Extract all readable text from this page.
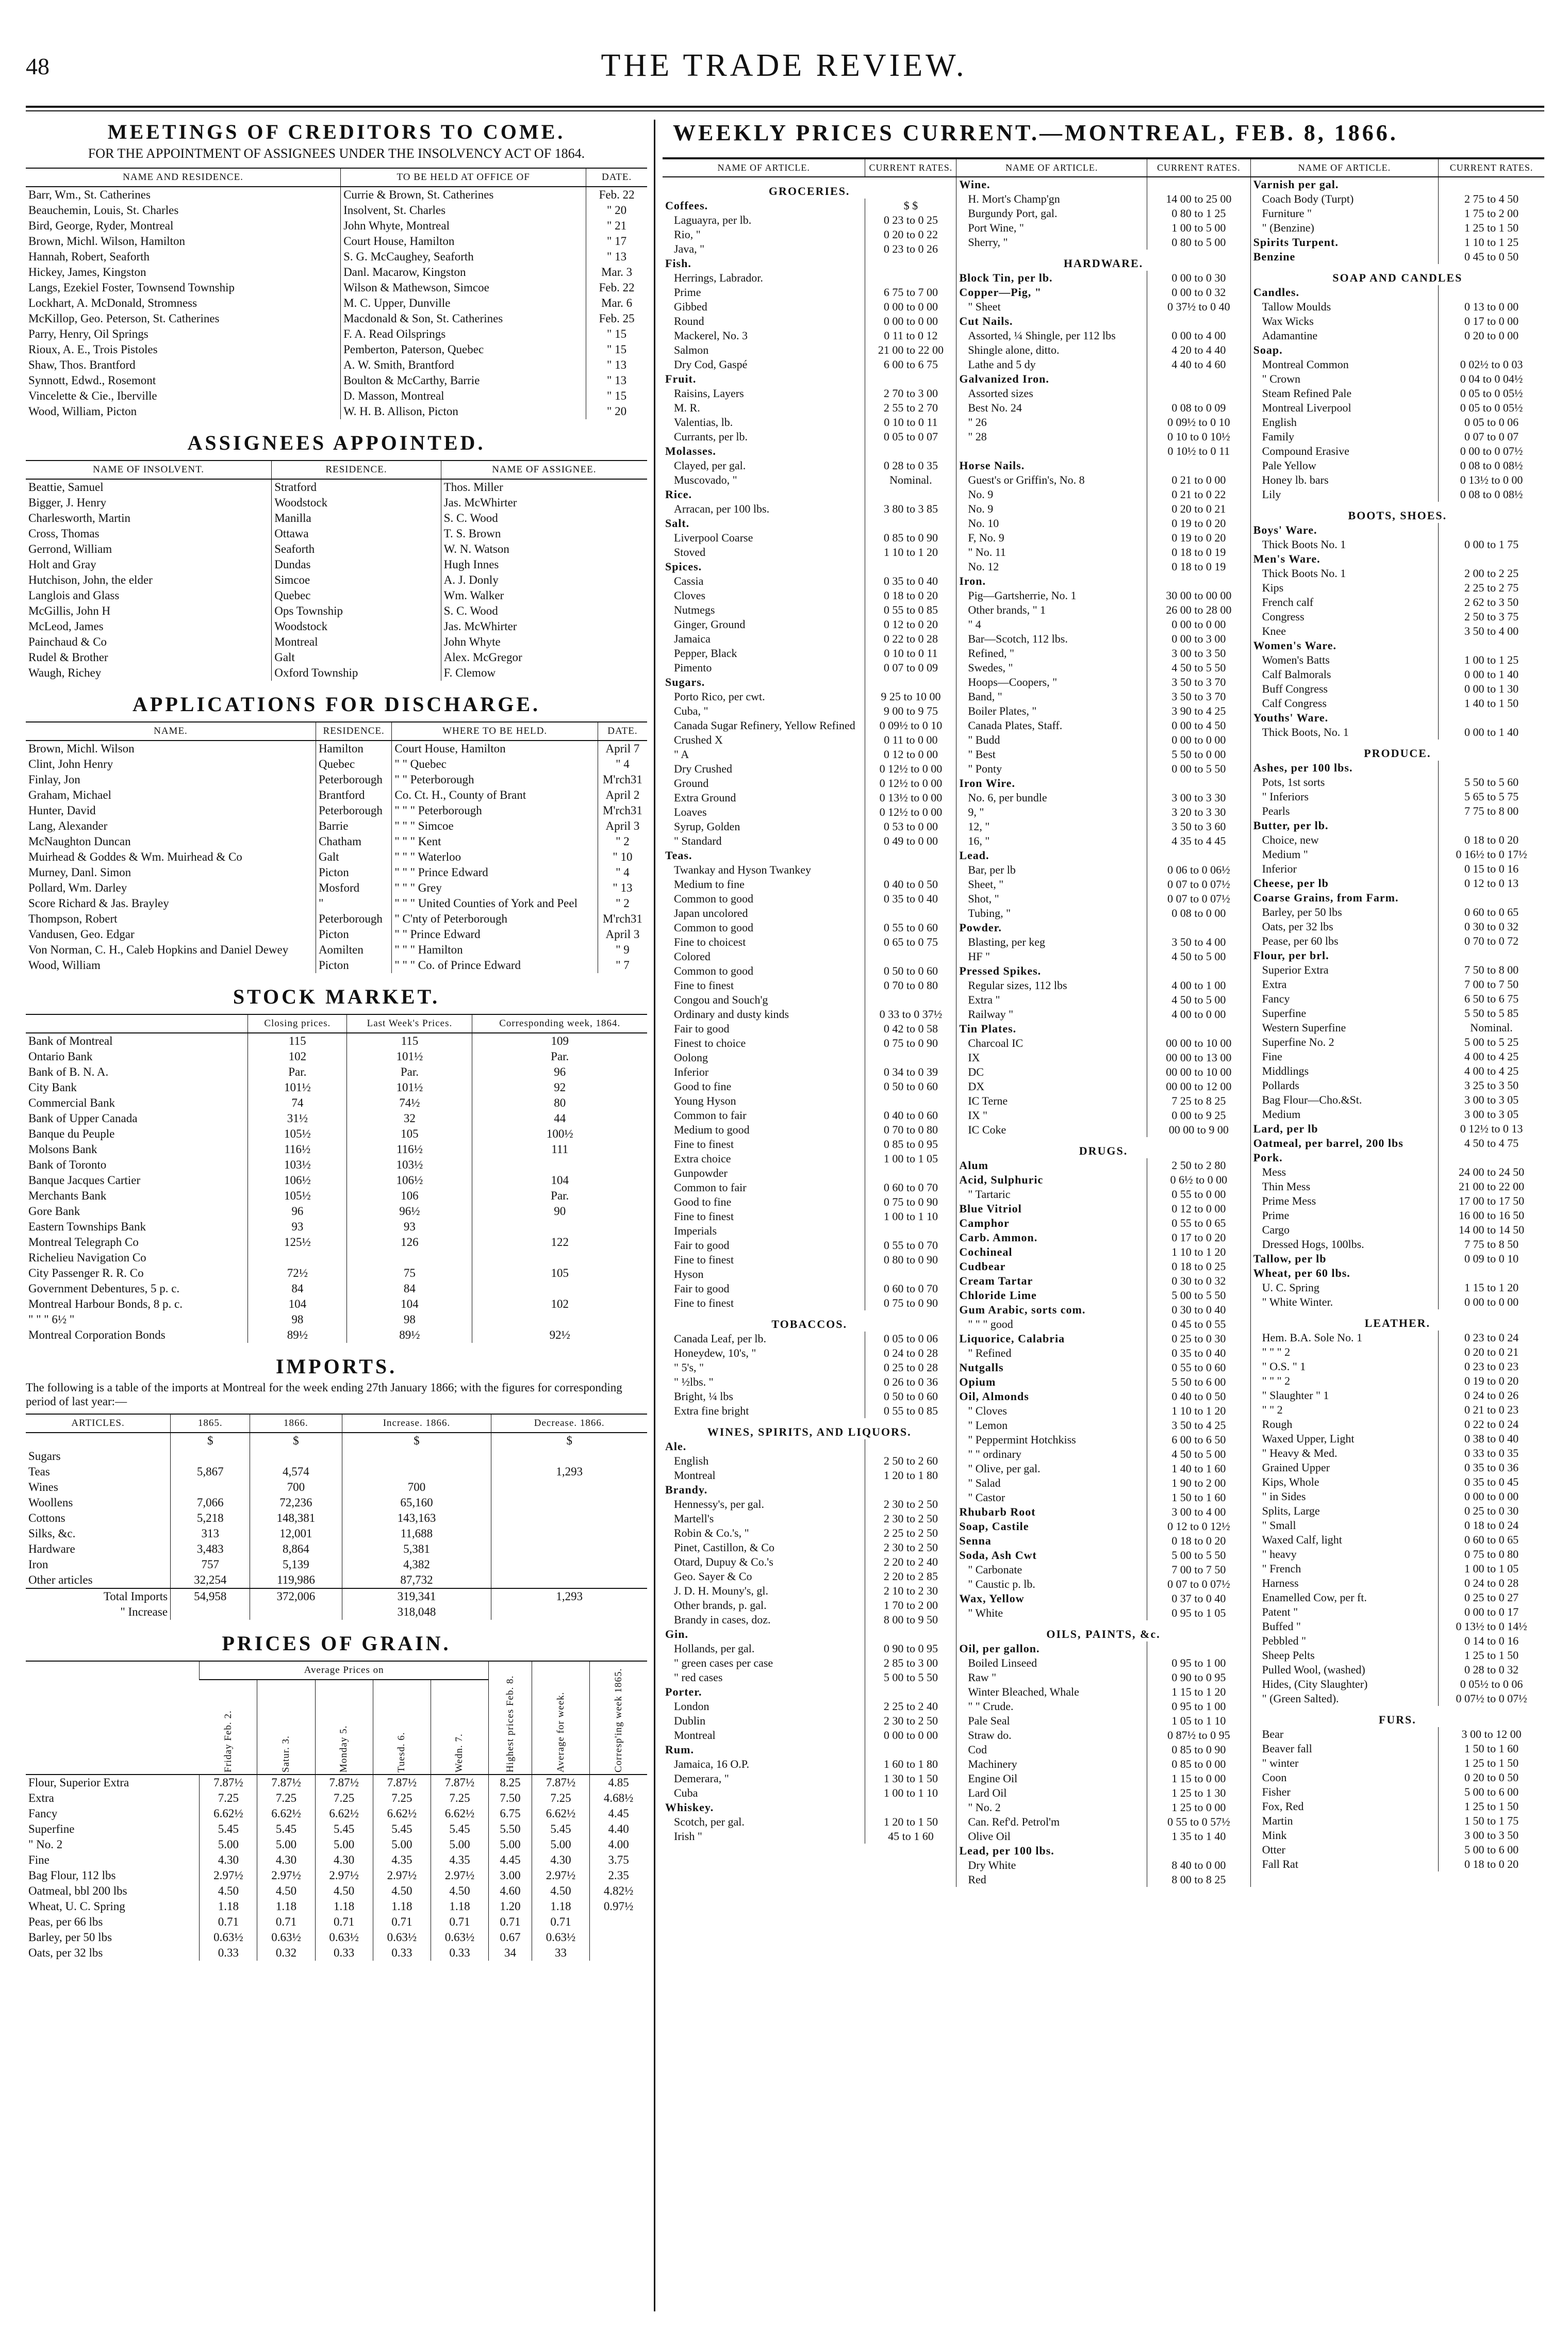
48	THE TRADE REVIEW.
MEETINGS OF CREDITORS TO COME.
FOR THE APPOINTMENT OF ASSIGNEES UNDER THE INSOLVENCY ACT OF 1864.
NAME AND RESIDENCE.	TO BE HELD AT OFFICE OF	DATE.
Barr, Wm., St. Catherines	Currie & Brown, St. Catherines	Feb. 22
Beauchemin, Louis, St. Charles	Insolvent, St. Charles	" 20
Bird, George, Ryder, Montreal	John Whyte, Montreal	" 21
Brown, Michl. Wilson, Hamilton	Court House, Hamilton	" 17
Hannah, Robert, Seaforth	S. G. McCaughey, Seaforth	" 13
Hickey, James, Kingston	Danl. Macarow, Kingston	Mar. 3
Langs, Ezekiel Foster, Townsend Township	Wilson & Mathewson, Simcoe	Feb. 22
Lockhart, A. McDonald, Stromness	M. C. Upper, Dunville	Mar. 6
McKillop, Geo. Peterson, St. Catherines	Macdonald & Son, St. Catherines	Feb. 25
Parry, Henry, Oil Springs	F. A. Read Oilsprings	" 15
Rioux, A. E., Trois Pistoles	Pemberton, Paterson, Quebec	" 15
Shaw, Thos. Brantford	A. W. Smith, Brantford	" 13
Synnott, Edwd., Rosemont	Boulton & McCarthy, Barrie	" 13
Vincelette & Cie., Iberville	D. Masson, Montreal	" 15
Wood, William, Picton	W. H. B. Allison, Picton	" 20
ASSIGNEES APPOINTED.
NAME OF INSOLVENT.	RESIDENCE.	NAME OF ASSIGNEE.
Beattie, Samuel	Stratford	Thos. Miller
Bigger, J. Henry	Woodstock	Jas. McWhirter
Charlesworth, Martin	Manilla	S. C. Wood
Cross, Thomas	Ottawa	T. S. Brown
Gerrond, William	Seaforth	W. N. Watson
Holt and Gray	Dundas	Hugh Innes
Hutchison, John, the elder	Simcoe	A. J. Donly
Langlois and Glass	Quebec	Wm. Walker
McGillis, John H	Ops Township	S. C. Wood
McLeod, James	Woodstock	Jas. McWhirter
Painchaud & Co	Montreal	John Whyte
Rudel & Brother	Galt	Alex. McGregor
Waugh, Richey	Oxford Township	F. Clemow
APPLICATIONS FOR DISCHARGE.
NAME.	RESIDENCE.	WHERE TO BE HELD.	DATE.
Brown, Michl. Wilson	Hamilton	Court House, Hamilton	April 7
Clint, John Henry	Quebec	" " Quebec	" 4
Finlay, Jon	Peterborough	" " Peterborough	M'rch31
Graham, Michael	Brantford	Co. Ct. H., County of Brant	April 2
Hunter, David	Peterborough	" " " Peterborough	M'rch31
Lang, Alexander	Barrie	" " " Simcoe	April 3
McNaughton Duncan	Chatham	" " " Kent	" 2
Muirhead & Goddes & Wm. Muirhead & Co	Galt	" " " Waterloo	" 10
Murney, Danl. Simon	Picton	" " " Prince Edward	" 4
Pollard, Wm. Darley	Mosford	" " " Grey	" 13
Score Richard & Jas. Brayley	"	" " " United Counties of York and Peel	" 2
Thompson, Robert	Peterborough	" C'nty of Peterborough	M'rch31
Vandusen, Geo. Edgar	Picton	" " Prince Edward	April 3
Von Norman, C. H., Caleb Hopkins and Daniel Dewey	Aomilten	" " " Hamilton	" 9
Wood, William	Picton	" " " Co. of Prince Edward	" 7
STOCK MARKET.
	Closing prices.	Last Week's Prices.	Corresponding week, 1864.
Bank of Montreal	115	115	109
Ontario Bank	102	101½	Par.
Bank of B. N. A.	Par.	Par.	96
City Bank	101½	101½	92
Commercial Bank	74	74½	80
Bank of Upper Canada	31½	32	44
Banque du Peuple	105½	105	100½
Molsons Bank	116½	116½	111
Bank of Toronto	103½	103½	
Banque Jacques Cartier	106½	106½	104
Merchants Bank	105½	106	Par.
Gore Bank	96	96½	90
Eastern Townships Bank	93	93	
Montreal Telegraph Co	125½	126	122
Richelieu Navigation Co			
City Passenger R. R. Co	72½	75	105
Government Debentures, 5 p. c.	84	84	
Montreal Harbour Bonds, 8 p. c.	104	104	102
" " " 6½ "	98	98	
Montreal Corporation Bonds	89½	89½	92½
IMPORTS.
The following is a table of the imports at Montreal for the week ending 27th January 1866; with the figures for corresponding period of last year:—
ARTICLES.	1865.	1866.	Increase. 1866.	Decrease. 1866.
	$	$	$	$
Sugars				
Teas	5,867	4,574		1,293
Wines		700	700	
Woollens	7,066	72,236	65,160	
Cottons	5,218	148,381	143,163	
Silks, &c.	313	12,001	11,688	
Hardware	3,483	8,864	5,381	
Iron	757	5,139	4,382	
Other articles	32,254	119,986	87,732	
Total Imports	54,958	372,006	319,341	1,293
" Increase			318,048	
PRICES OF GRAIN.
	Average Prices on					Highest prices Feb. 8.	Average for week.	Corresp'ing week 1865.
	Friday Feb. 2.	Satur. 3.	Monday 5.	Tuesd. 6.	Wedn. 7.			
Flour, Superior Extra	7.87½	7.87½	7.87½	7.87½	7.87½	8.25	7.87½	4.85
Extra	7.25	7.25	7.25	7.25	7.25	7.50	7.25	4.68½
Fancy	6.62½	6.62½	6.62½	6.62½	6.62½	6.75	6.62½	4.45
Superfine	5.45	5.45	5.45	5.45	5.45	5.50	5.45	4.40
" No. 2	5.00	5.00	5.00	5.00	5.00	5.00	5.00	4.00
Fine	4.30	4.30	4.30	4.35	4.35	4.45	4.30	3.75
Bag Flour, 112 lbs	2.97½	2.97½	2.97½	2.97½	2.97½	3.00	2.97½	2.35
Oatmeal, bbl 200 lbs	4.50	4.50	4.50	4.50	4.50	4.60	4.50	4.82½
Wheat, U. C. Spring	1.18	1.18	1.18	1.18	1.18	1.20	1.18	0.97½
Peas, per 66 lbs	0.71	0.71	0.71	0.71	0.71	0.71	0.71	
Barley, per 50 lbs	0.63½	0.63½	0.63½	0.63½	0.63½	0.67	0.63½	
Oats, per 32 lbs	0.33	0.32	0.33	0.33	0.33	34	33	
WEEKLY PRICES CURRENT.—MONTREAL, FEB. 8, 1866.
NAME OF ARTICLE.	CURRENT RATES.
GROCERIES.	
Coffees.	$ $
Laguayra, per lb.	0 23 to 0 25
Rio, "	0 20 to 0 22
Java, "	0 23 to 0 26
Fish.	
Herrings, Labrador.	
Prime	6 75 to 7 00
Gibbed	0 00 to 0 00
Round	0 00 to 0 00
Mackerel, No. 3	0 11 to 0 12
Salmon	21 00 to 22 00
Dry Cod, Gaspé	6 00 to 6 75
Fruit.	
Raisins, Layers	2 70 to 3 00
M. R.	2 55 to 2 70
Valentias, lb.	0 10 to 0 11
Currants, per lb.	0 05 to 0 07
Molasses.	
Clayed, per gal.	0 28 to 0 35
Muscovado, "	Nominal.
Rice.	
Arracan, per 100 lbs.	3 80 to 3 85
Salt.	
Liverpool Coarse	0 85 to 0 90
Stoved	1 10 to 1 20
Spices.	
Cassia	0 35 to 0 40
Cloves	0 18 to 0 20
Nutmegs	0 55 to 0 85
Ginger, Ground	0 12 to 0 20
Jamaica	0 22 to 0 28
Pepper, Black	0 10 to 0 11
Pimento	0 07 to 0 09
Sugars.	
Porto Rico, per cwt.	9 25 to 10 00
Cuba, "	9 00 to 9 75
Canada Sugar Refinery, Yellow Refined	0 09½ to 0 10
Crushed X	0 11 to 0 00
" A	0 12 to 0 00
Dry Crushed	0 12½ to 0 00
Ground	0 12½ to 0 00
Extra Ground	0 13½ to 0 00
Loaves	0 12½ to 0 00
Syrup, Golden	0 53 to 0 00
" Standard	0 49 to 0 00
Teas.	
Twankay and Hyson Twankey	
Medium to fine	0 40 to 0 50
Common to good	0 35 to 0 40
Japan uncolored	
Common to good	0 55 to 0 60
Fine to choicest	0 65 to 0 75
Colored	
Common to good	0 50 to 0 60
Fine to finest	0 70 to 0 80
Congou and Souch'g	
Ordinary and dusty kinds	0 33 to 0 37½
Fair to good	0 42 to 0 58
Finest to choice	0 75 to 0 90
Oolong	
Inferior	0 34 to 0 39
Good to fine	0 50 to 0 60
Young Hyson	
Common to fair	0 40 to 0 60
Medium to good	0 70 to 0 80
Fine to finest	0 85 to 0 95
Extra choice	1 00 to 1 05
Gunpowder	
Common to fair	0 60 to 0 70
Good to fine	0 75 to 0 90
Fine to finest	1 00 to 1 10
Imperials	
Fair to good	0 55 to 0 70
Fine to finest	0 80 to 0 90
Hyson	
Fair to good	0 60 to 0 70
Fine to finest	0 75 to 0 90
TOBACCOS.	
Canada Leaf, per lb.	0 05 to 0 06
Honeydew, 10's, "	0 24 to 0 28
" 5's, "	0 25 to 0 28
" ½lbs. "	0 26 to 0 36
Bright, ¼ lbs	0 50 to 0 60
Extra fine bright	0 55 to 0 85
WINES, SPIRITS, AND LIQUORS.	
Ale.	
English	2 50 to 2 60
Montreal	1 20 to 1 80
Brandy.	
Hennessy's, per gal.	2 30 to 2 50
Martell's	2 30 to 2 50
Robin & Co.'s, "	2 25 to 2 50
Pinet, Castillon, & Co	2 30 to 2 50
Otard, Dupuy & Co.'s	2 20 to 2 40
Geo. Sayer & Co	2 20 to 2 85
J. D. H. Mouny's, gl.	2 10 to 2 30
Other brands, p. gal.	1 70 to 2 00
Brandy in cases, doz.	8 00 to 9 50
Gin.	
Hollands, per gal.	0 90 to 0 95
" green cases per case	2 85 to 3 00
" red cases	5 00 to 5 50
Porter.	
London	2 25 to 2 40
Dublin	2 30 to 2 50
Montreal	0 00 to 0 00
Rum.	
Jamaica, 16 O.P.	1 60 to 1 80
Demerara, "	1 30 to 1 50
Cuba	1 00 to 1 10
Whiskey.	
Scotch, per gal.	1 20 to 1 50
Irish "	45 to 1 60
NAME OF ARTICLE.	CURRENT RATES.
Wine.	
H. Mort's Champ'gn	14 00 to 25 00
Burgundy Port, gal.	0 80 to 1 25
Port Wine, "	1 00 to 5 00
Sherry, "	0 80 to 5 00
HARDWARE.	
Block Tin, per lb.	0 00 to 0 30
Copper—Pig, "	0 00 to 0 32
" Sheet	0 37½ to 0 40
Cut Nails.	
Assorted, ¼ Shingle, per 112 lbs	0 00 to 4 00
Shingle alone, ditto.	4 20 to 4 40
Lathe and 5 dy	4 40 to 4 60
Galvanized Iron.	
Assorted sizes	
Best No. 24	0 08 to 0 09
" 26	0 09½ to 0 10
" 28	0 10 to 0 10½
	0 10½ to 0 11
Horse Nails.	
Guest's or Griffin's, No. 8	0 21 to 0 00
No. 9	0 21 to 0 22
No. 9	0 20 to 0 21
No. 10	0 19 to 0 20
F, No. 9	0 19 to 0 20
" No. 11	0 18 to 0 19
No. 12	0 18 to 0 19
Iron.	
Pig—Gartsherrie, No. 1	30 00 to 00 00
Other brands, " 1	26 00 to 28 00
" 4	0 00 to 0 00
Bar—Scotch, 112 lbs.	0 00 to 3 00
Refined, "	3 00 to 3 50
Swedes, "	4 50 to 5 50
Hoops—Coopers, "	3 50 to 3 70
Band, "	3 50 to 3 70
Boiler Plates, "	3 90 to 4 25
Canada Plates, Staff.	0 00 to 4 50
" Budd	0 00 to 0 00
" Best	5 50 to 0 00
" Ponty	0 00 to 5 50
Iron Wire.	
No. 6, per bundle	3 00 to 3 30
9, "	3 20 to 3 30
12, "	3 50 to 3 60
16, "	4 35 to 4 45
Lead.	
Bar, per lb	0 06 to 0 06½
Sheet, "	0 07 to 0 07½
Shot, "	0 07 to 0 07½
Tubing, "	0 08 to 0 00
Powder.	
Blasting, per keg	3 50 to 4 00
HF "	4 50 to 5 00
Pressed Spikes.	
Regular sizes, 112 lbs	4 00 to 1 00
Extra "	4 50 to 5 00
Railway "	4 00 to 0 00
Tin Plates.	
Charcoal IC	00 00 to 10 00
IX	00 00 to 13 00
DC	00 00 to 10 00
DX	00 00 to 12 00
IC Terne	7 25 to 8 25
IX "	0 00 to 9 25
IC Coke	00 00 to 9 00
DRUGS.	
Alum	2 50 to 2 80
Acid, Sulphuric	0 6½ to 0 00
" Tartaric	0 55 to 0 00
Blue Vitriol	0 12 to 0 00
Camphor	0 55 to 0 65
Carb. Ammon.	0 17 to 0 20
Cochineal	1 10 to 1 20
Cudbear	0 18 to 0 25
Cream Tartar	0 30 to 0 32
Chloride Lime	5 00 to 5 50
Gum Arabic, sorts com.	0 30 to 0 40
" " " good	0 45 to 0 55
Liquorice, Calabria	0 25 to 0 30
" Refined	0 35 to 0 40
Nutgalls	0 55 to 0 60
Opium	5 50 to 6 00
Oil, Almonds	0 40 to 0 50
" Cloves	1 10 to 1 20
" Lemon	3 50 to 4 25
" Peppermint Hotchkiss	6 00 to 6 50
" " ordinary	4 50 to 5 00
" Olive, per gal.	1 40 to 1 60
" Salad	1 90 to 2 00
" Castor	1 50 to 1 60
Rhubarb Root	3 00 to 4 00
Soap, Castile	0 12 to 0 12½
Senna	0 18 to 0 20
Soda, Ash Cwt	5 00 to 5 50
" Carbonate	7 00 to 7 50
" Caustic p. lb.	0 07 to 0 07½
Wax, Yellow	0 37 to 0 40
" White	0 95 to 1 05
OILS, PAINTS, &c.	
Oil, per gallon.	
Boiled Linseed	0 95 to 1 00
Raw "	0 90 to 0 95
Winter Bleached, Whale	1 15 to 1 20
" " Crude.	0 95 to 1 00
Pale Seal	1 05 to 1 10
Straw do.	0 87½ to 0 95
Cod	0 85 to 0 90
Machinery	0 85 to 0 00
Engine Oil	1 15 to 0 00
Lard Oil	1 25 to 1 30
" No. 2	1 25 to 0 00
Can. Ref'd. Petrol'm	0 55 to 0 57½
Olive Oil	1 35 to 1 40
Lead, per 100 lbs.	
Dry White	8 40 to 0 00
Red	8 00 to 8 25
NAME OF ARTICLE.	CURRENT RATES.
Varnish per gal.	
Coach Body (Turpt)	2 75 to 4 50
Furniture "	1 75 to 2 00
" (Benzine)	1 25 to 1 50
Spirits Turpent.	1 10 to 1 25
Benzine	0 45 to 0 50
SOAP AND CANDLES	
Candles.	
Tallow Moulds	0 13 to 0 00
Wax Wicks	0 17 to 0 00
Adamantine	0 20 to 0 00
Soap.	
Montreal Common	0 02½ to 0 03
" Crown	0 04 to 0 04½
Steam Refined Pale	0 05 to 0 05½
Montreal Liverpool	0 05 to 0 05½
English	0 05 to 0 06
Family	0 07 to 0 07
Compound Erasive	0 00 to 0 07½
Pale Yellow	0 08 to 0 08½
Honey lb. bars	0 13½ to 0 00
Lily	0 08 to 0 08½
BOOTS, SHOES.	
Boys' Ware.	
Thick Boots No. 1	0 00 to 1 75
Men's Ware.	
Thick Boots No. 1	2 00 to 2 25
Kips	2 25 to 2 75
French calf	2 62 to 3 50
Congress	2 50 to 3 75
Knee	3 50 to 4 00
Women's Ware.	
Women's Batts	1 00 to 1 25
Calf Balmorals	0 00 to 1 40
Buff Congress	0 00 to 1 30
Calf Congress	1 40 to 1 50
Youths' Ware.	
Thick Boots, No. 1	0 00 to 1 40
PRODUCE.	
Ashes, per 100 lbs.	
Pots, 1st sorts	5 50 to 5 60
" Inferiors	5 65 to 5 75
Pearls	7 75 to 8 00
Butter, per lb.	
Choice, new	0 18 to 0 20
Medium "	0 16½ to 0 17½
Inferior	0 15 to 0 16
Cheese, per lb	0 12 to 0 13
Coarse Grains, from Farm.	
Barley, per 50 lbs	0 60 to 0 65
Oats, per 32 lbs	0 30 to 0 32
Pease, per 60 lbs	0 70 to 0 72
Flour, per brl.	
Superior Extra	7 50 to 8 00
Extra	7 00 to 7 50
Fancy	6 50 to 6 75
Superfine	5 50 to 5 85
Western Superfine	Nominal.
Superfine No. 2	5 00 to 5 25
Fine	4 00 to 4 25
Middlings	4 00 to 4 25
Pollards	3 25 to 3 50
Bag Flour—Cho.&St.	3 00 to 3 05
Medium	3 00 to 3 05
Lard, per lb	0 12½ to 0 13
Oatmeal, per barrel, 200 lbs	4 50 to 4 75
Pork.	
Mess	24 00 to 24 50
Thin Mess	21 00 to 22 00
Prime Mess	17 00 to 17 50
Prime	16 00 to 16 50
Cargo	14 00 to 14 50
Dressed Hogs, 100lbs.	7 75 to 8 50
Tallow, per lb	0 09 to 0 10
Wheat, per 60 lbs.	
U. C. Spring	1 15 to 1 20
" White Winter.	0 00 to 0 00
LEATHER.	
Hem. B.A. Sole No. 1	0 23 to 0 24
" " " 2	0 20 to 0 21
" O.S. " 1	0 23 to 0 23
" " " 2	0 19 to 0 20
" Slaughter " 1	0 24 to 0 26
" " 2	0 21 to 0 23
Rough	0 22 to 0 24
Waxed Upper, Light	0 38 to 0 40
" Heavy & Med.	0 33 to 0 35
Grained Upper	0 35 to 0 36
Kips, Whole	0 35 to 0 45
" in Sides	0 00 to 0 00
Splits, Large	0 25 to 0 30
" Small	0 18 to 0 24
Waxed Calf, light	0 60 to 0 65
" heavy	0 75 to 0 80
" French	1 00 to 1 05
Harness	0 24 to 0 28
Enamelled Cow, per ft.	0 25 to 0 27
Patent "	0 00 to 0 17
Buffed "	0 13½ to 0 14½
Pebbled "	0 14 to 0 16
Sheep Pelts	1 25 to 1 50
Pulled Wool, (washed)	0 28 to 0 32
Hides, (City Slaughter)	0 05½ to 0 06
" (Green Salted).	0 07½ to 0 07½
FURS.	
Bear	3 00 to 12 00
Beaver fall	1 50 to 1 60
" winter	1 25 to 1 50
Coon	0 20 to 0 50
Fisher	5 00 to 6 00
Fox, Red	1 25 to 1 50
Martin	1 50 to 1 75
Mink	3 00 to 3 50
Otter	5 00 to 6 00
Fall Rat	0 18 to 0 20
